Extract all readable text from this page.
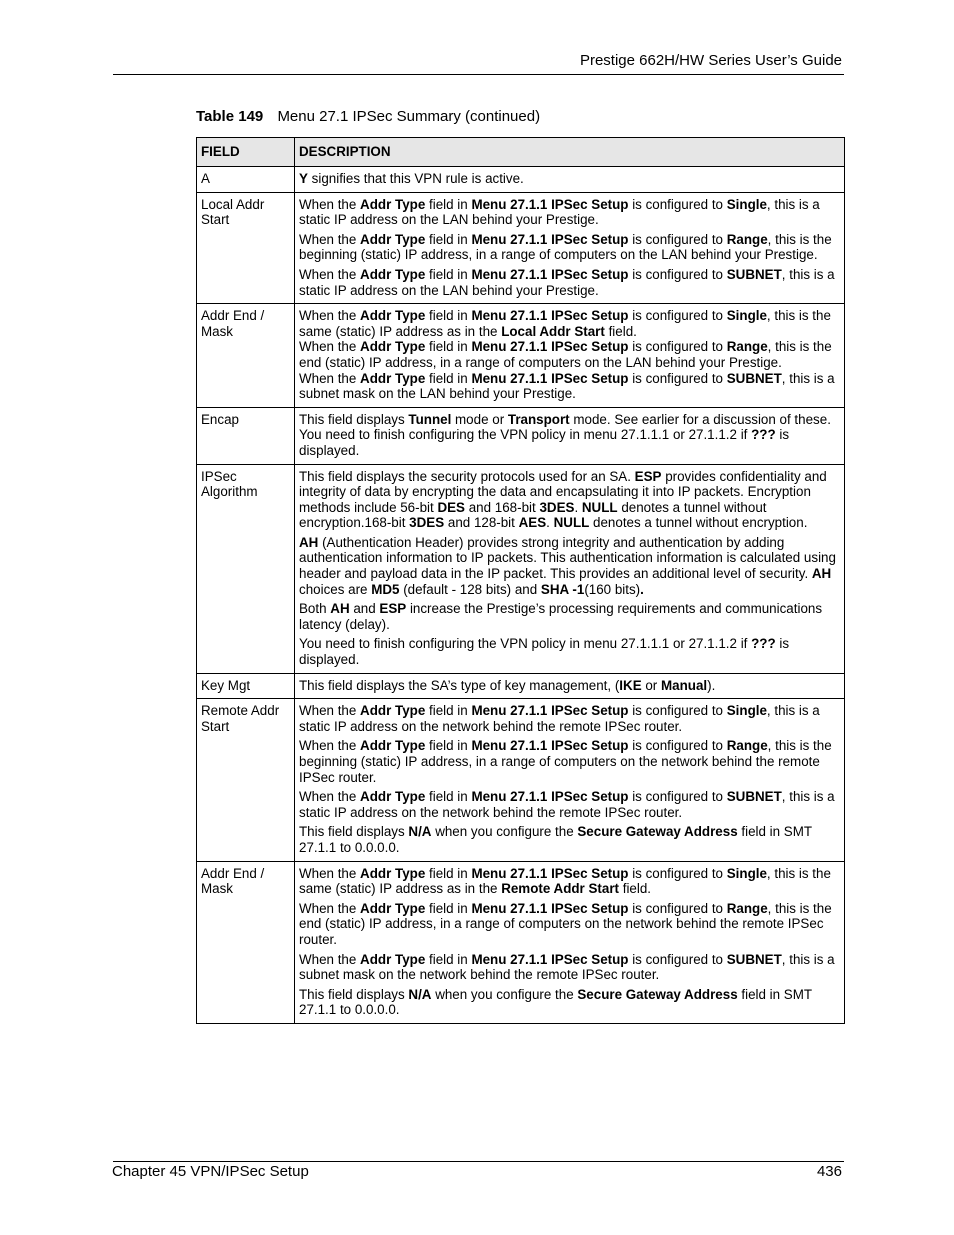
Prestige 662H/HW Series User’s Guide
Table 149 Menu 27.1 IPSec Summary (continued)
FIELD	DESCRIPTION
A	Y signifies that this VPN rule is active.

Local Addr Start	When the Addr Type field in Menu 27.1.1 IPSec Setup is configured to Single, this is a static IP address on the LAN behind your Prestige.
When the Addr Type field in Menu 27.1.1 IPSec Setup is configured to Range, this is the beginning (static) IP address, in a range of computers on the LAN behind your Prestige.
When the Addr Type field in Menu 27.1.1 IPSec Setup is configured to SUBNET, this is a static IP address on the LAN behind your Prestige.

Addr End / Mask	When the Addr Type field in Menu 27.1.1 IPSec Setup is configured to Single, this is the same (static) IP address as in the Local Addr Start field.
When the Addr Type field in Menu 27.1.1 IPSec Setup is configured to Range, this is the end (static) IP address, in a range of computers on the LAN behind your Prestige.
When the Addr Type field in Menu 27.1.1 IPSec Setup is configured to SUBNET, this is a subnet mask on the LAN behind your Prestige.

Encap	This field displays Tunnel mode or Transport mode. See earlier for a discussion of these. You need to finish configuring the VPN policy in menu 27.1.1.1 or 27.1.1.2 if ??? is displayed.

IPSec Algorithm	This field displays the security protocols used for an SA. ESP provides confidentiality and integrity of data by encrypting the data and encapsulating it into IP packets. Encryption methods include 56-bit DES and 168-bit 3DES. NULL denotes a tunnel without encryption.168-bit 3DES and 128-bit AES. NULL denotes a tunnel without encryption.
AH (Authentication Header) provides strong integrity and authentication by adding authentication information to IP packets. This authentication information is calculated using header and payload data in the IP packet. This provides an additional level of security. AH choices are MD5 (default - 128 bits) and SHA -1(160 bits).
Both AH and ESP increase the Prestige’s processing requirements and communications latency (delay).
You need to finish configuring the VPN policy in menu 27.1.1.1 or 27.1.1.2 if ??? is displayed.

Key Mgt	This field displays the SA’s type of key management, (IKE or Manual).

Remote Addr Start	When the Addr Type field in Menu 27.1.1 IPSec Setup is configured to Single, this is a static IP address on the network behind the remote IPSec router.
When the Addr Type field in Menu 27.1.1 IPSec Setup is configured to Range, this is the beginning (static) IP address, in a range of computers on the network behind the remote IPSec router.
When the Addr Type field in Menu 27.1.1 IPSec Setup is configured to SUBNET, this is a static IP address on the network behind the remote IPSec router.
This field displays N/A when you configure the Secure Gateway Address field in SMT 27.1.1 to 0.0.0.0.

Addr End / Mask	When the Addr Type field in Menu 27.1.1 IPSec Setup is configured to Single, this is the same (static) IP address as in the Remote Addr Start field.
When the Addr Type field in Menu 27.1.1 IPSec Setup is configured to Range, this is the end (static) IP address, in a range of computers on the network behind the remote IPSec router.
When the Addr Type field in Menu 27.1.1 IPSec Setup is configured to SUBNET, this is a subnet mask on the network behind the remote IPSec router.
This field displays N/A when you configure the Secure Gateway Address field in SMT 27.1.1 to 0.0.0.0.
Chapter 45 VPN/IPSec Setup	436
